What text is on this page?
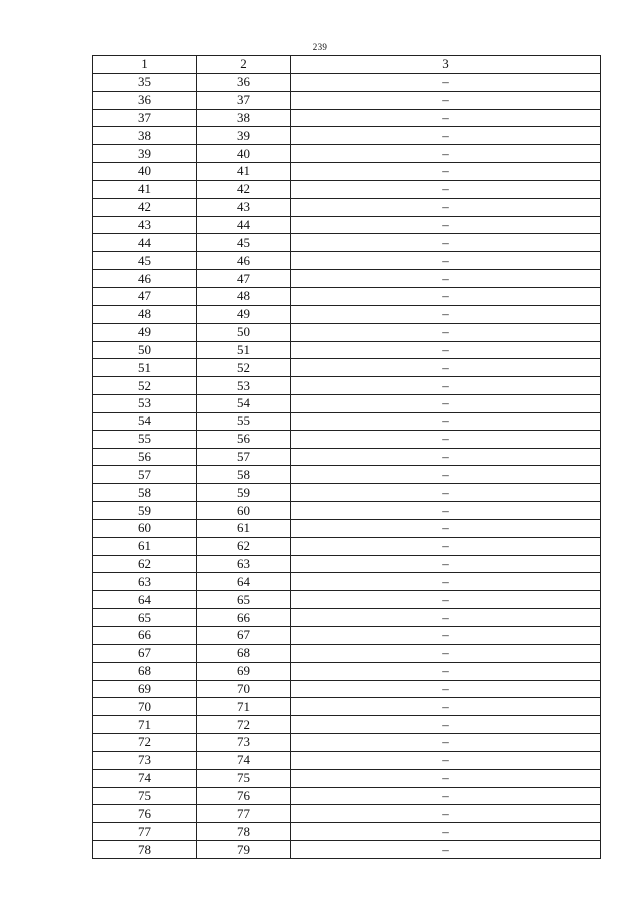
239
1	2	3
35	36	–
36	37	–
37	38	–
38	39	–
39	40	–
40	41	–
41	42	–
42	43	–
43	44	–
44	45	–
45	46	–
46	47	–
47	48	–
48	49	–
49	50	–
50	51	–
51	52	–
52	53	–
53	54	–
54	55	–
55	56	–
56	57	–
57	58	–
58	59	–
59	60	–
60	61	–
61	62	–
62	63	–
63	64	–
64	65	–
65	66	–
66	67	–
67	68	–
68	69	–
69	70	–
70	71	–
71	72	–
72	73	–
73	74	–
74	75	–
75	76	–
76	77	–
77	78	–
78	79	–
